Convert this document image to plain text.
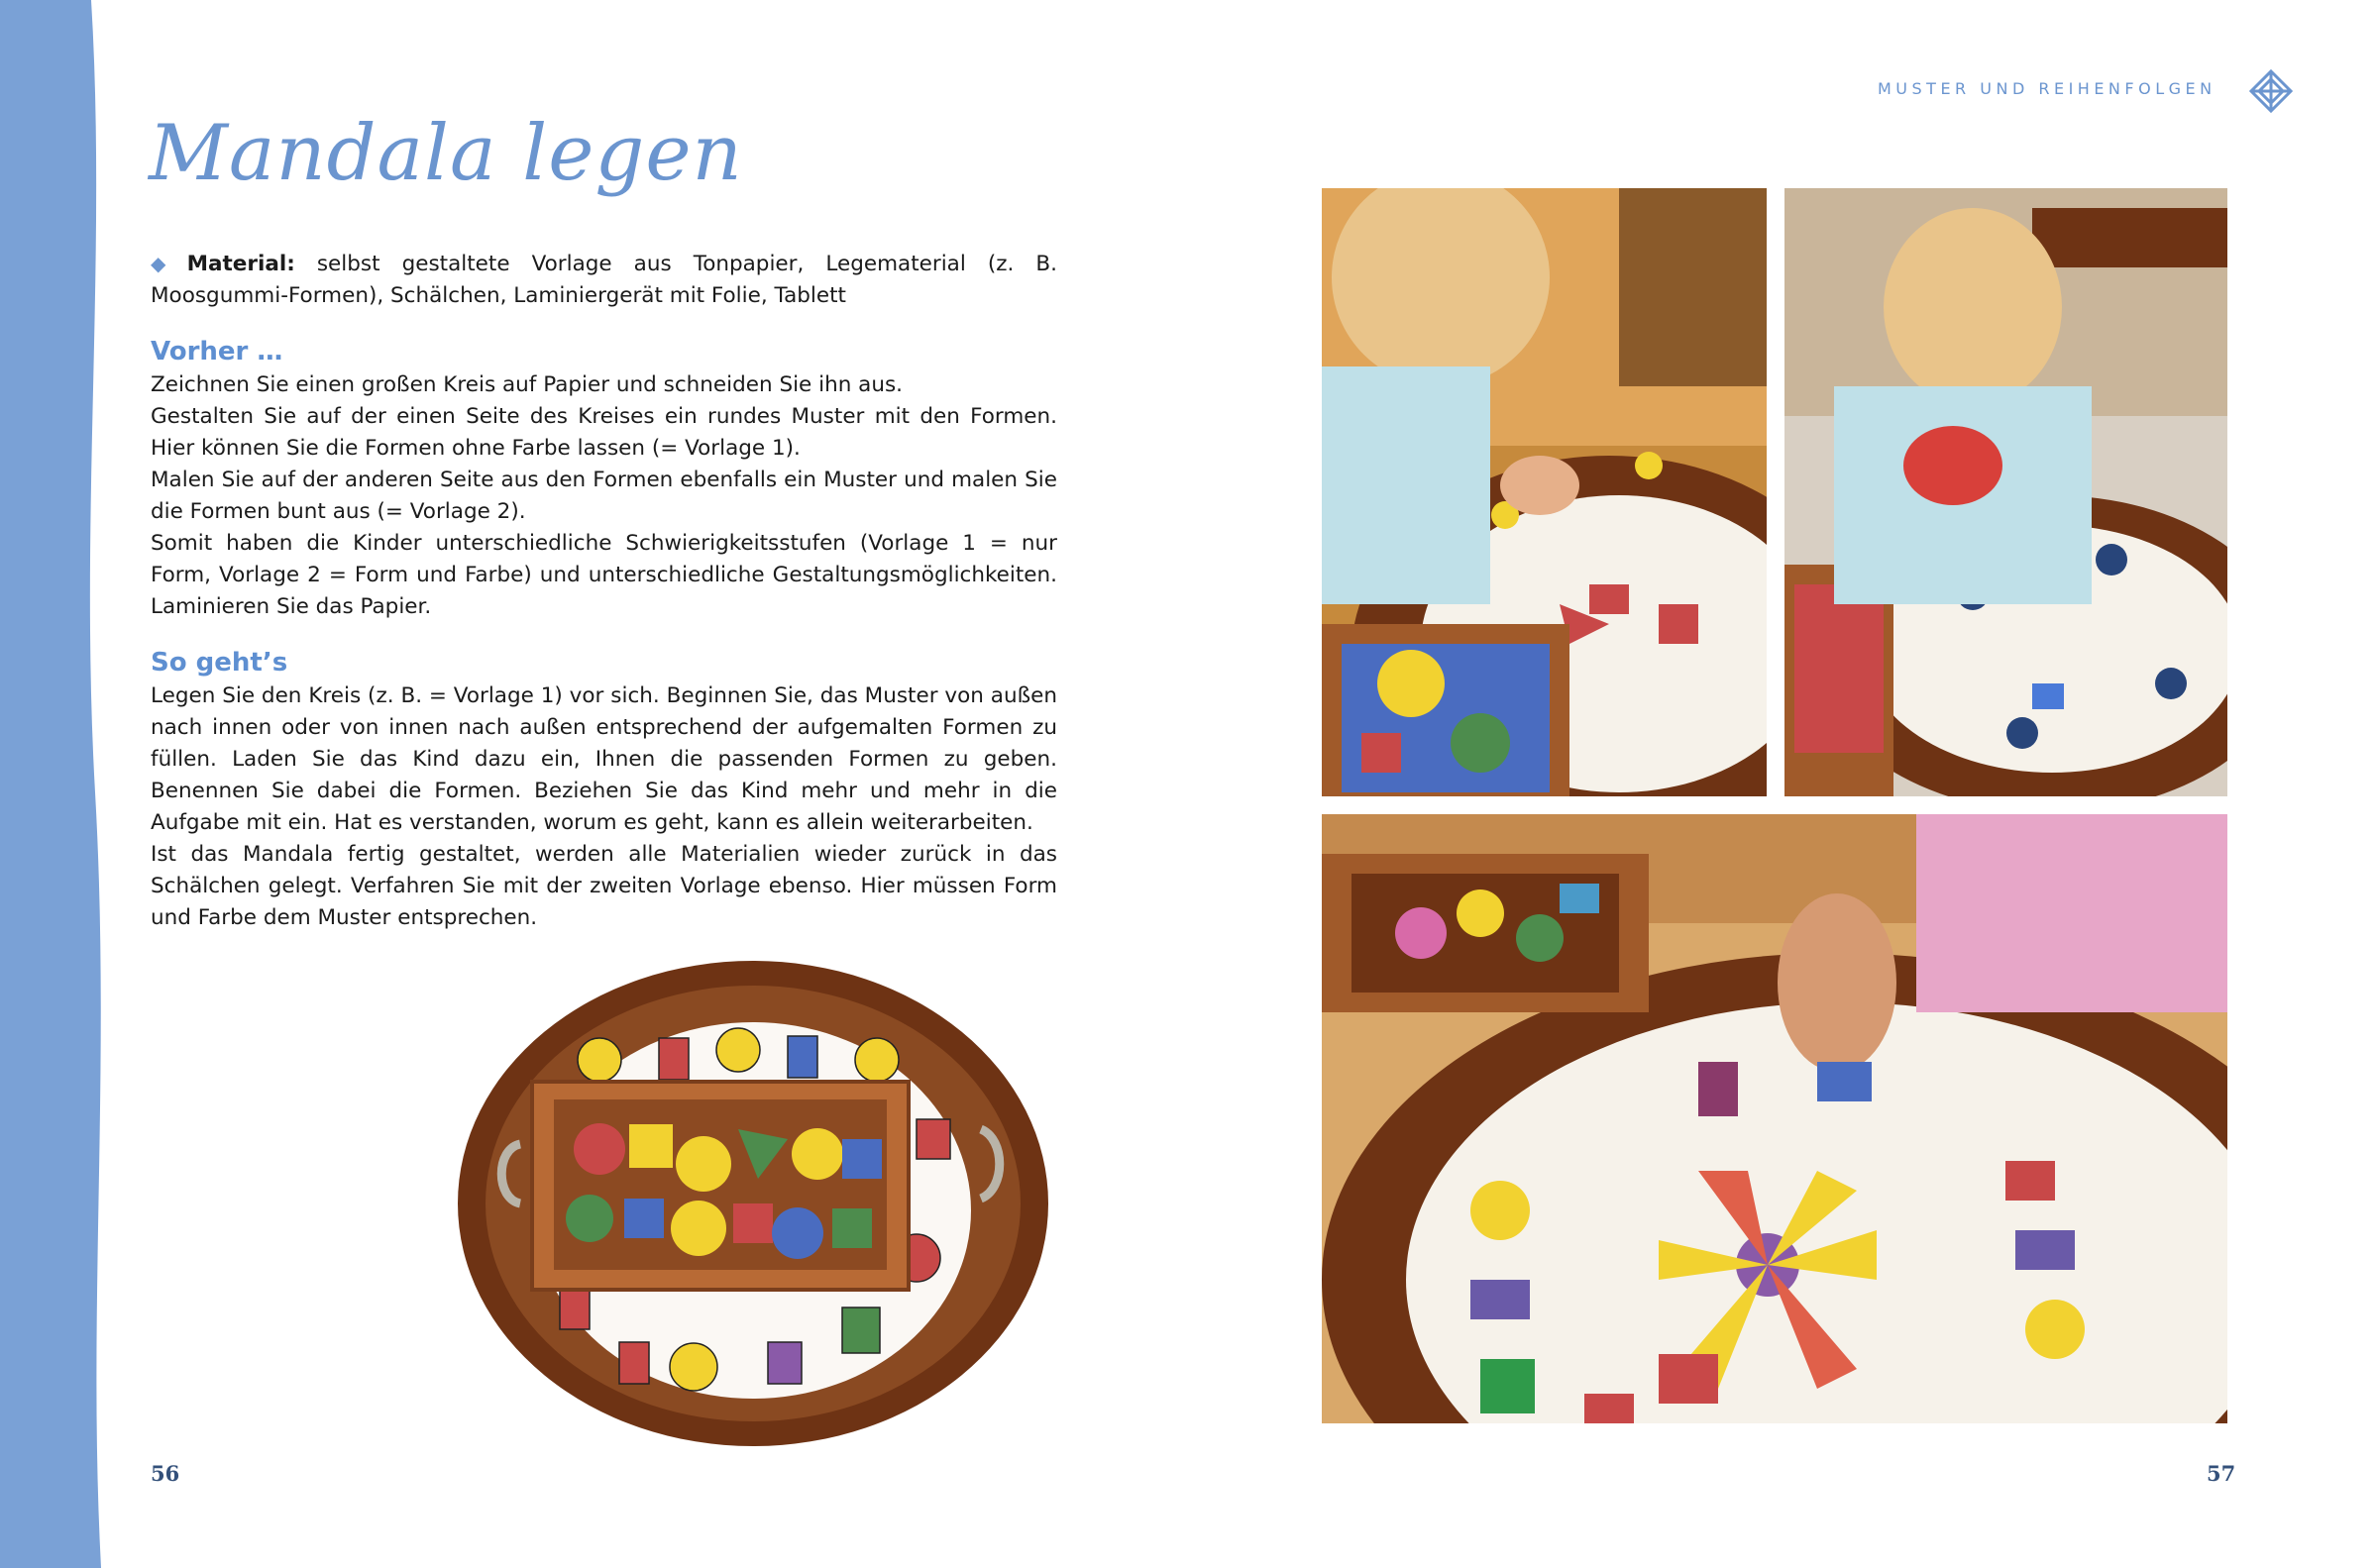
Mandala legen

◆ Material: selbst gestaltete Vorlage aus Tonpapier, Legematerial (z. B. Moosgummi-Formen), Schälchen, Laminiergerät mit Folie, Tablett

Vorher …

Zeichnen Sie einen großen Kreis auf Papier und schneiden Sie ihn aus.

Gestalten Sie auf der einen Seite des Kreises ein rundes Muster mit den Formen. Hier können Sie die Formen ohne Farbe lassen (= Vorlage 1).

Malen Sie auf der anderen Seite aus den Formen ebenfalls ein Muster und malen Sie die Formen bunt aus (= Vorlage 2).

Somit haben die Kinder unterschiedliche Schwierigkeitsstufen (Vorlage 1 = nur Form, Vorlage 2 = Form und Farbe) und unterschiedliche Gestaltungsmöglichkeiten. Laminieren Sie das Papier.

So geht’s

Legen Sie den Kreis (z. B. = Vorlage 1) vor sich. Beginnen Sie, das Muster von außen nach innen oder von innen nach außen entsprechend der aufgemalten Formen zu füllen. Laden Sie das Kind dazu ein, Ihnen die passenden Formen zu geben. Benennen Sie dabei die Formen. Beziehen Sie das Kind mehr und mehr in die Aufgabe mit ein. Hat es verstanden, worum es geht, kann es allein weiterarbeiten.

Ist das Mandala fertig gestaltet, werden alle Materialien wieder zurück in das Schälchen gelegt. Verfahren Sie mit der zweiten Vorlage ebenso. Hier müssen Form und Farbe dem Muster entsprechen.

56
MUSTER UND REIHENFOLGEN
57
